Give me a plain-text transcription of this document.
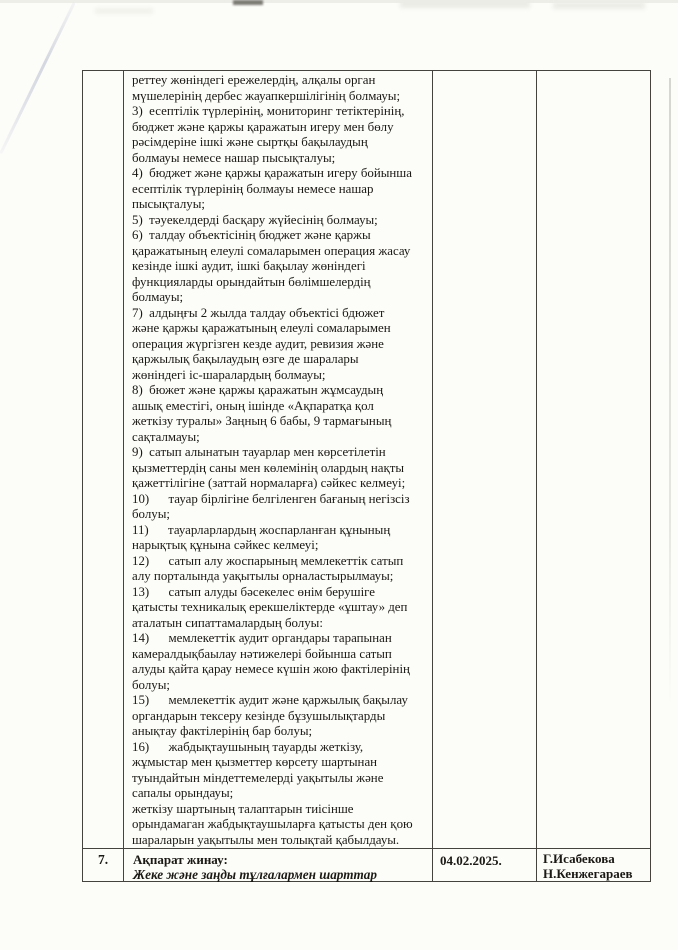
реттеу жөніндегі ережелердің, алқалы орган
мүшелерінің дербес жауапкершілігінің болмауы;
3)  есептілік түрлерінің, мониторинг тетіктерінің,
бюджет және қаржы қаражатын игеру мен бөлу
рәсімдеріне ішкі және сыртқы бақылаудың
болмауы немесе нашар пысықталуы;
4)  бюджет және қаржы қаражатын игеру бойынша
есептілік түрлерінің болмауы немесе нашар
пысықталуы;
5)  тәуекелдерді басқару жүйесінің болмауы;
6)  талдау объектісінің бюджет және қаржы
қаражатының елеулі сомаларымен операция жасау
кезінде ішкі аудит, ішкі бақылау жөніндегі
функцияларды орындайтын бөлімшелердің
болмауы;
7)  алдыңғы 2 жылда талдау объектісі бдюжет
және қаржы қаражатының елеулі сомаларымен
операция жүргізген кезде аудит, ревизия және
қаржылық бақылаудың өзге де шаралары
жөніндегі іс-шаралардың болмауы;
8)  бюжет және қаржы қаражатын жұмсаудың
ашық еместігі, оның ішінде «Ақпаратқа қол
жеткізу туралы» Заңның 6 бабы, 9 тармағының
сақталмауы;
9)  сатып алынатын тауарлар мен көрсетілетін
қызметтердің саны мен көлемінің олардың нақты
қажеттілігіне (заттай нормаларға) сәйкес келмеуі;
10)      тауар бірлігіне белгіленген бағаның негізсіз
болуы;
11)      тауарларлардың жоспарланған құнының
нарықтық құнына сәйкес келмеуі;
12)      сатып алу жоспарының мемлекеттік сатып
алу порталында уақытылы орналастырылмауы;
13)      сатып алуды бәсекелес өнім берушіге
қатысты техникалық ерекшеліктерде «ұштау» деп
аталатын сипаттамалардың болуы:
14)      мемлекеттік аудит органдары тарапынан
камералдықбаылау нәтижелері бойынша сатып
алуды қайта қарау немесе күшін жою фактілерінің
болуы;
15)      мемлекеттік аудит және қаржылық бақылау
органдарын тексеру кезінде бұзушылықтарды
анықтау фактілерінің бар болуы;
16)      жабдықтаушының тауарды жеткізу,
жұмыстар мен қызметтер көрсету шартынан
туындайтын міндеттемелерді уақытылы және
сапалы орындауы;
жеткізу шартының талаптарын тиісінше
орындамаган жабдықтаушыларға қатысты ден қою
шараларын уақытылы мен толықтай қабылдауы.
7.	Ақпарат жинау:
Жеке және заңды тұлғалармен шарттар
04.02.2025.	Г.Исабекова
Н.Кенжегараев
